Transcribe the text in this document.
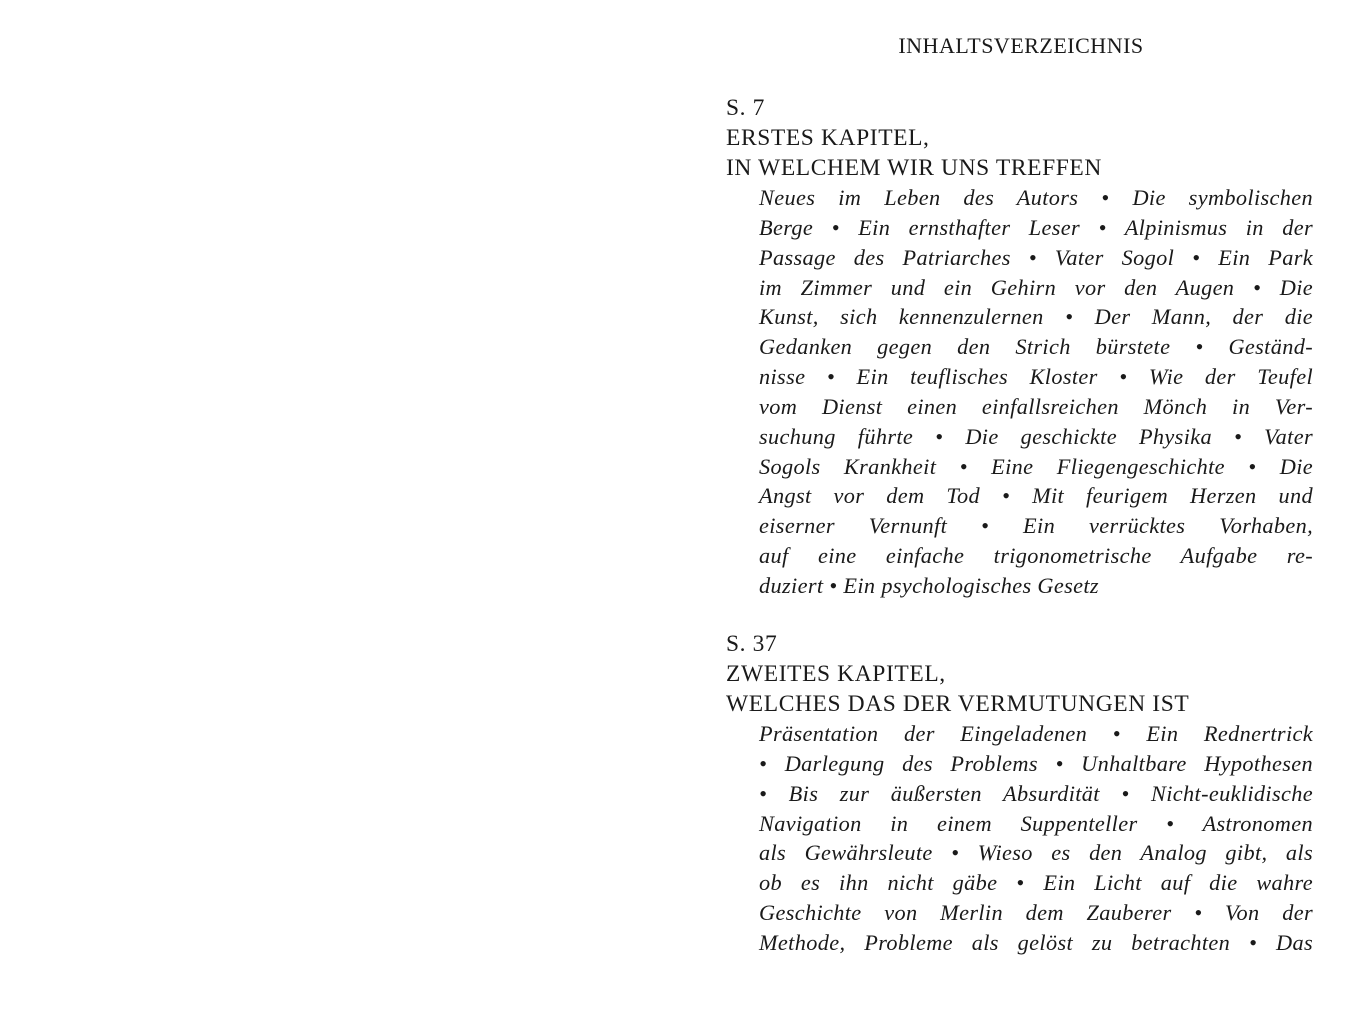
INHALTSVERZEICHNIS

S. 7

ERSTES KAPITEL,

IN WELCHEM WIR UNS TREFFEN

Neues im Leben des Autors • Die symbolischen
Berge • Ein ernsthafter Leser • Alpinismus in der
Passage des Patriarches • Vater Sogol • Ein Park
im Zimmer und ein Gehirn vor den Augen • Die
Kunst, sich kennenzulernen • Der Mann, der die
Gedanken gegen den Strich bürstete • Geständ-
nisse • Ein teuflisches Kloster • Wie der Teufel
vom Dienst einen einfallsreichen Mönch in Ver-
suchung führte • Die geschickte Physika • Vater
Sogols Krankheit • Eine Fliegengeschichte • Die
Angst vor dem Tod • Mit feurigem Herzen und
eiserner Vernunft • Ein verrücktes Vorhaben,
auf eine einfache trigonometrische Aufgabe re-
duziert • Ein psychologisches Gesetz

S. 37

ZWEITES KAPITEL,

WELCHES DAS DER VERMUTUNGEN IST

Präsentation der Eingeladenen • Ein Rednertrick
• Darlegung des Problems • Unhaltbare Hypothesen
• Bis zur äußersten Absurdität • Nicht-euklidische
Navigation in einem Suppenteller • Astronomen
als Gewährsleute • Wieso es den Analog gibt, als
ob es ihn nicht gäbe • Ein Licht auf die wahre
Geschichte von Merlin dem Zauberer • Von der
Methode, Probleme als gelöst zu betrachten • Das
